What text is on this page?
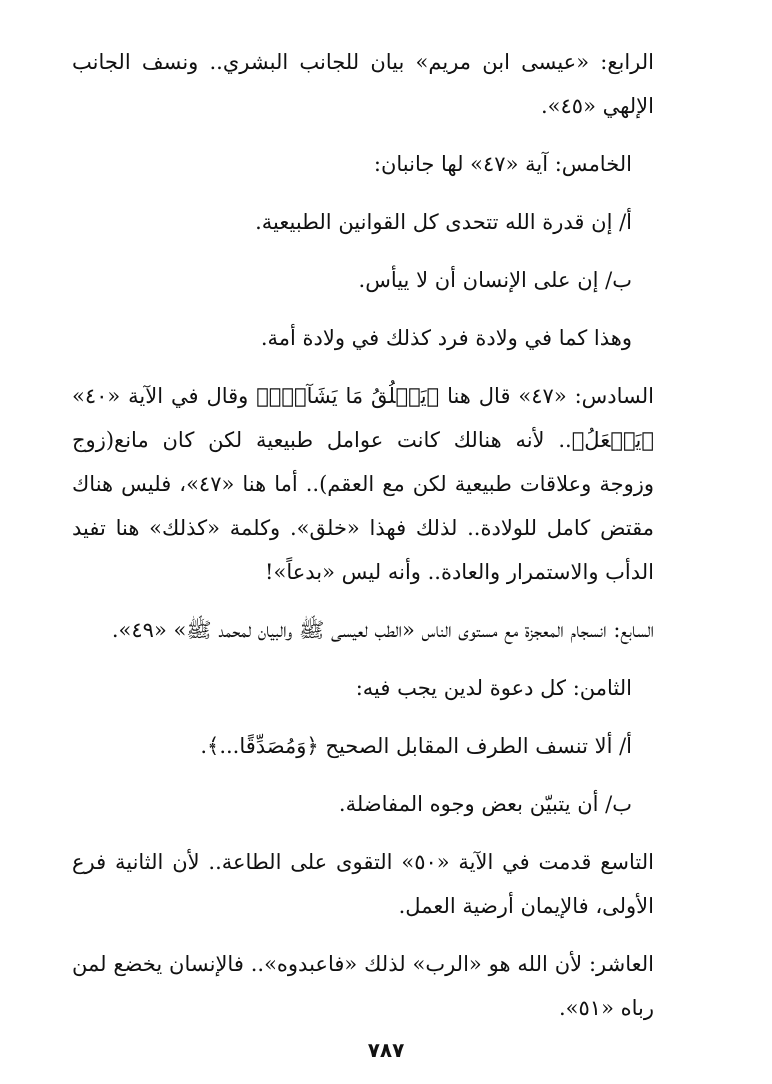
الرابع: «عيسى ابن مريم» بيان للجانب البشري.. ونسف الجانب الإلهي «٤٥».

الخامس: آية «٤٧» لها جانبان:

أ/ إن قدرة الله تتحدى كل القوانين الطبيعية.

ب/ إن على الإنسان أن لا ييأس.

وهذا كما في ولادة فرد كذلك في ولادة أمة.

السادس: «٤٧» قال هنا ﴿يَخۡلُقُ مَا يَشَآءُۚ﴾ وقال في الآية «٤٠» ﴿يَفۡعَلُ﴾.. لأنه هنالك كانت عوامل طبيعية لكن كان مانع(زوج وزوجة وعلاقات طبيعية لكن مع العقم).. أما هنا «٤٧»، فليس هناك مقتض كامل للولادة.. لذلك فهذا «خلق». وكلمة «كذلك» هنا تفيد الدأب والاستمرار والعادة.. وأنه ليس «بدعاً»!

السابع: انسجام المعجزة مع مستوى الناس «الطب لعيسى ﷺ والبيان لمحمد ﷺ» «٤٩».

الثامن: كل دعوة لدين يجب فيه:

أ/ ألا تنسف الطرف المقابل الصحيح ﴿وَمُصَدِّقًا...﴾.

ب/ أن يتبيّن بعض وجوه المفاضلة.

التاسع قدمت في الآية «٥٠» التقوى على الطاعة.. لأن الثانية فرع الأولى، فالإيمان أرضية العمل.

العاشر: لأن الله هو «الرب» لذلك «فاعبدوه».. فالإنسان يخضع لمن رباه «٥١».

٧٨٧
